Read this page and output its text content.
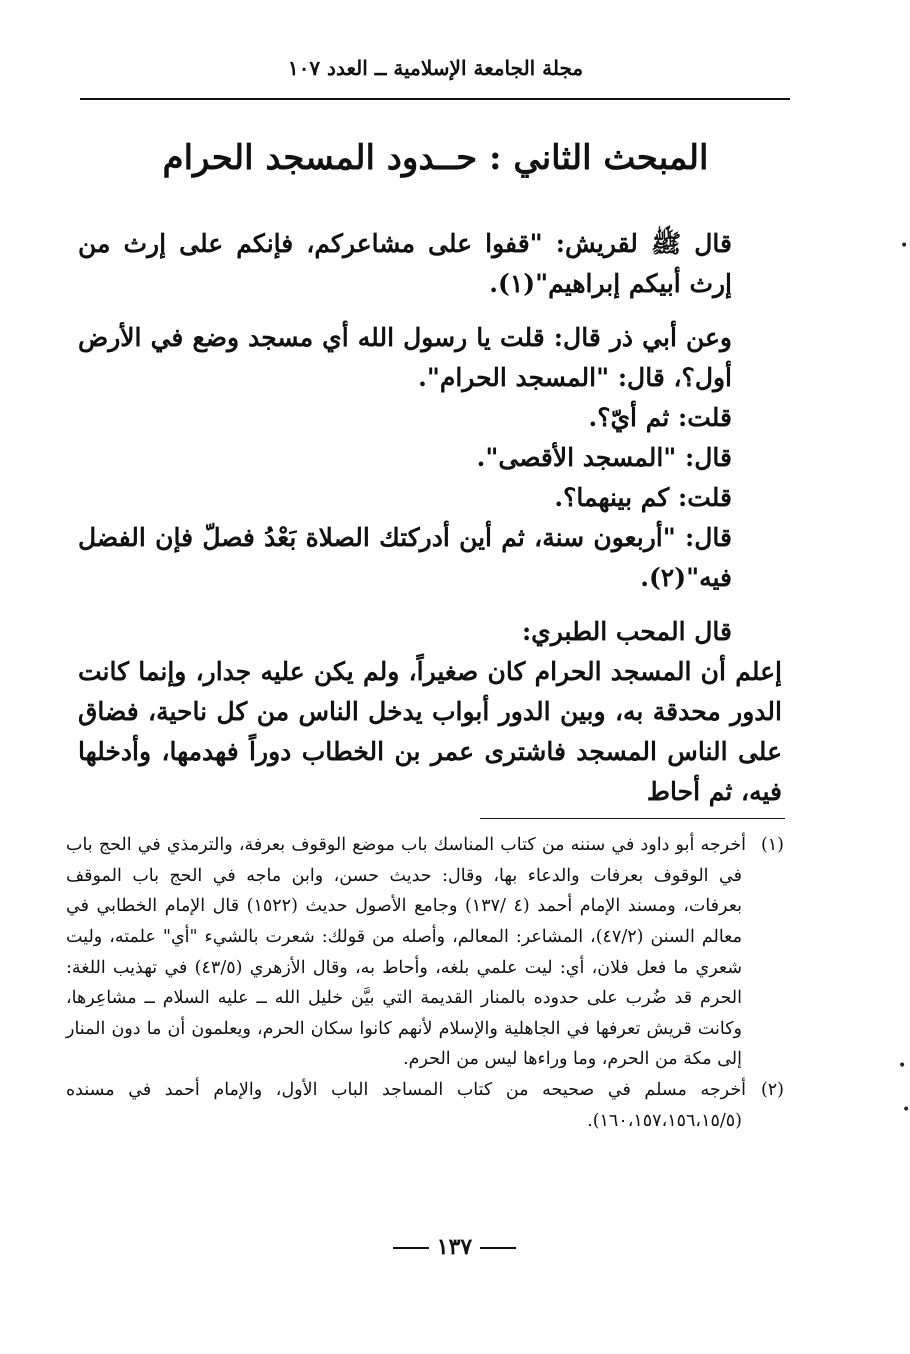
مجلة الجامعة الإسلامية ــ العدد ١٠٧
المبحث الثاني : حــدود المسجد الحرام

قال ﷺ لقريش: "قفوا على مشاعركم، فإنكم على إرث من إرث أبيكم إبراهيم"(١).

وعن أبي ذر قال: قلت يا رسول الله أي مسجد وضع في الأرض أول؟، قال: "المسجد الحرام".

قلت: ثم أيّ؟.

قال: "المسجد الأقصى".

قلت: كم بينهما؟.

قال: "أربعون سنة، ثم أين أدركتك الصلاة بَعْدُ فصلّ فإن الفضل فيه"(٢).

قال المحب الطبري:

إعلم أن المسجد الحرام كان صغيراً، ولم يكن عليه جدار، وإنما كانت الدور محدقة به، وبين الدور أبواب يدخل الناس من كل ناحية، فضاق على الناس المسجد فاشترى عمر بن الخطاب دوراً فهدمها، وأدخلها فيه، ثم أحاط

(١)أخرجه أبو داود في سننه من كتاب المناسك باب موضع الوقوف بعرفة، والترمذي في الحج باب في الوقوف بعرفات والدعاء بها، وقال: حديث حسن، وابن ماجه في الحج باب الموقف بعرفات، ومسند الإمام أحمد (٤ /١٣٧) وجامع الأصول حديث (١٥٢٢) قال الإمام الخطابي في معالم السنن (٤٧/٢)، المشاعر: المعالم، وأصله من قولك: شعرت بالشيء "أي" علمته، وليت شعري ما فعل فلان، أي: ليت علمي بلغه، وأحاط به، وقال الأزهري (٤٣/٥) في تهذيب اللغة: الحرم قد ضُرب على حدوده بالمنار القديمة التي بيَّن خليل الله ــ عليه السلام ــ مشاعِرها، وكانت قريش تعرفها في الجاهلية والإسلام لأنهم كانوا سكان الحرم، ويعلمون أن ما دون المنار إلى مكة من الحرم، وما وراءها ليس من الحرم.

(٢)أخرجه مسلم في صحيحه من كتاب المساجد الباب الأول، والإمام أحمد في مسنده (١٦٠،١٥٧،١٥٦،١٥/٥).

١٣٧
•
•
•
